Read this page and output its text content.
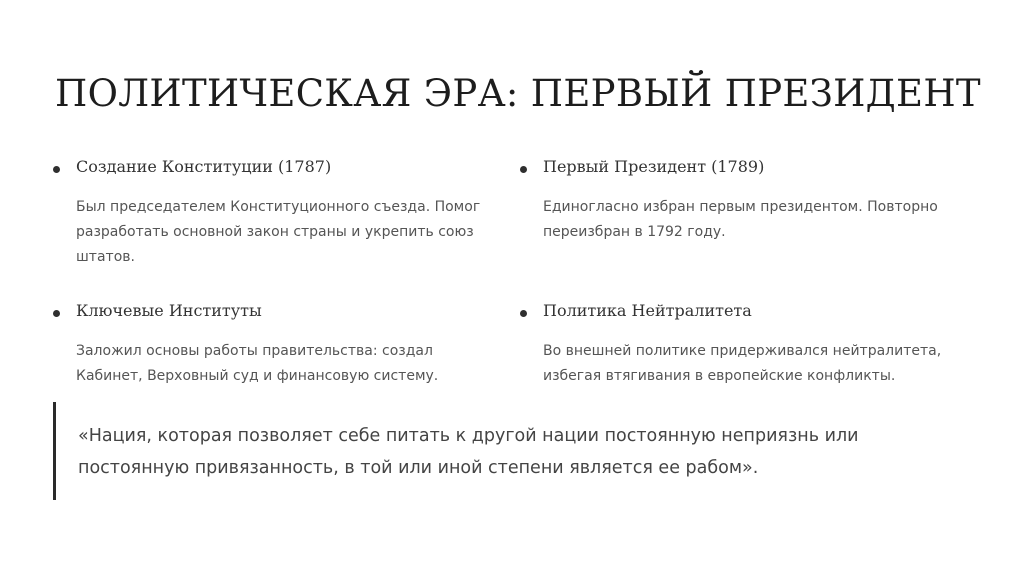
ПОЛИТИЧЕСКАЯ ЭРА: ПЕРВЫЙ ПРЕЗИДЕНТ
Создание Конституции (1787)

Был председателем Конституционного съезда. Помог разработать основной закон страны и укрепить союз штатов.

Первый Президент (1789)

Единогласно избран первым президентом. Повторно переизбран в 1792 году.

Ключевые Институты

Заложил основы работы правительства: создал Кабинет, Верховный суд и финансовую систему.

Политика Нейтралитета

Во внешней политике придерживался нейтралитета, избегая втягивания в европейские конфликты.

«Нация, которая позволяет себе питать к другой нации постоянную неприязнь или постоянную привязанность, в той или иной степени является ее рабом».
